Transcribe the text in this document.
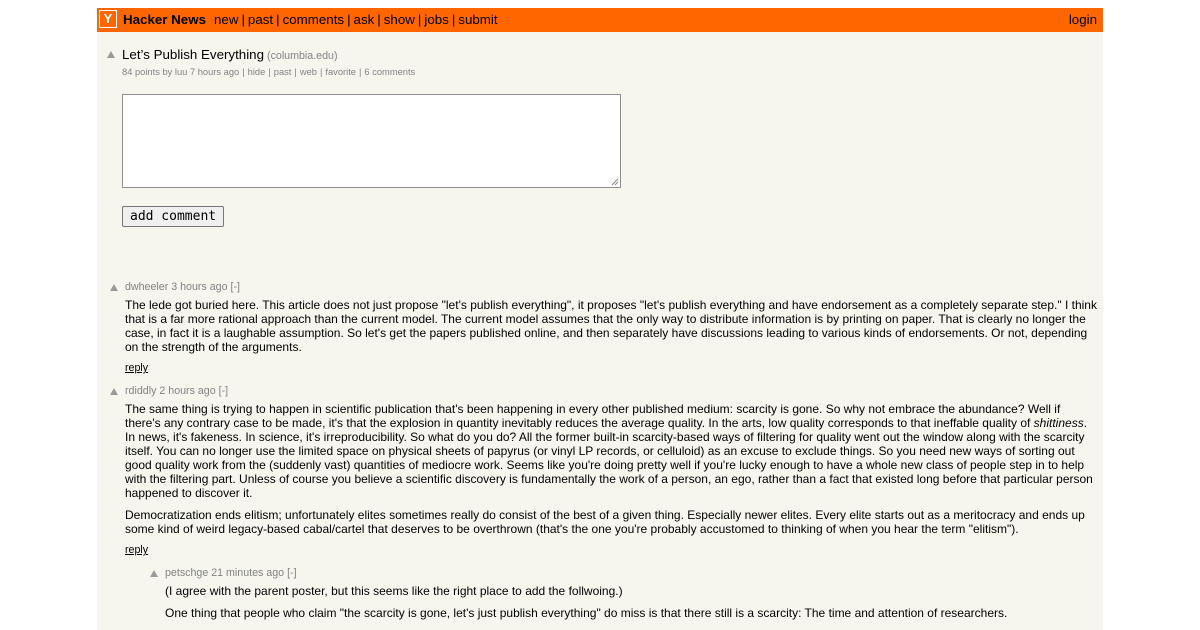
Y Hacker News new | past | comments | ask | show | jobs | submit	login
Let’s Publish Everything (columbia.edu)
84 points by luu 7 hours ago | hide | past | web | favorite | 6 comments
add comment
dwheeler 3 hours ago [-]

The lede got buried here. This article does not just propose "let's publish everything", it proposes "let's publish everything and have endorsement as a completely separate step." I think that is a far more rational approach than the current model. The current model assumes that the only way to distribute information is by printing on paper. That is clearly no longer the case, in fact it is a laughable assumption. So let's get the papers published online, and then separately have discussions leading to various kinds of endorsements. Or not, depending on the strength of the arguments.

reply
rdiddly 2 hours ago [-]

The same thing is trying to happen in scientific publication that's been happening in every other published medium: scarcity is gone. So why not embrace the abundance? Well if there's any contrary case to be made, it's that the explosion in quantity inevitably reduces the average quality. In the arts, low quality corresponds to that ineffable quality of shittiness. In news, it's fakeness. In science, it's irreproducibility. So what do you do? All the former built-in scarcity-based ways of filtering for quality went out the window along with the scarcity itself. You can no longer use the limited space on physical sheets of papyrus (or vinyl LP records, or celluloid) as an excuse to exclude things. So you need new ways of sorting out good quality work from the (suddenly vast) quantities of mediocre work. Seems like you're doing pretty well if you're lucky enough to have a whole new class of people step in to help with the filtering part. Unless of course you believe a scientific discovery is fundamentally the work of a person, an ego, rather than a fact that existed long before that particular person happened to discover it.

Democratization ends elitism; unfortunately elites sometimes really do consist of the best of a given thing. Especially newer elites. Every elite starts out as a meritocracy and ends up some kind of weird legacy-based cabal/cartel that deserves to be overthrown (that's the one you're probably accustomed to thinking of when you hear the term "elitism").

reply
petschge 21 minutes ago [-]

(I agree with the parent poster, but this seems like the right place to add the follwoing.)

One thing that people who claim "the scarcity is gone, let's just publish everything" do miss is that there still is a scarcity: The time and attention of researchers.
